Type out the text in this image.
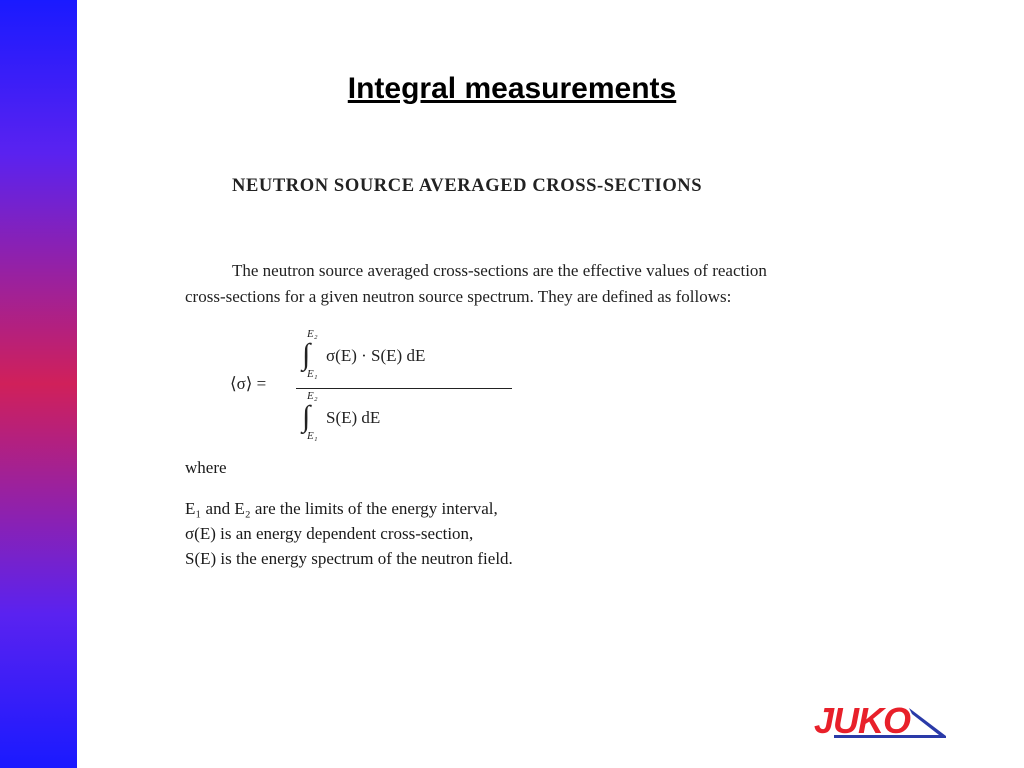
Integral measurements
NEUTRON SOURCE AVERAGED CROSS-SECTIONS
The neutron source averaged cross-sections are the effective values of reaction
cross-sections for a given neutron source spectrum. They are defined as follows:
⟨σ⟩ =
E₂
∫
E₁
σ(E) · S(E) dE
E₂
∫
E₁
S(E) dE
where
E₁ and E₂ are the limits of the energy interval,
σ(E) is an energy dependent cross-section,
S(E) is the energy spectrum of the neutron field.
JUKO
